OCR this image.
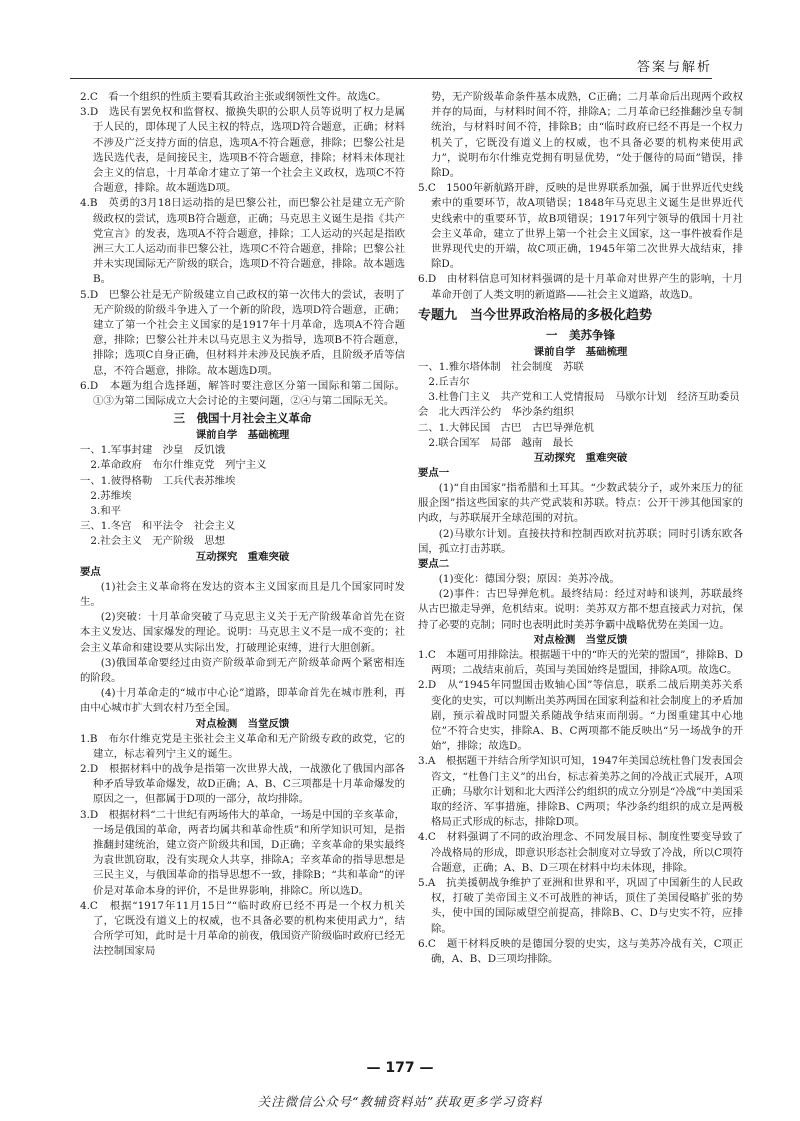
答案与解析

2.C　看一个组织的性质主要看其政治主张或纲领性文件。故选C。

3.D　选民有罢免权和监督权、撤换失职的公职人员等说明了权力是属于人民的，即体现了人民主权的特点，选项D符合题意，正确；材料不涉及广泛支持方面的信息，选项A不符合题意，排除；巴黎公社是选民选代表，是间接民主，选项B不符合题意，排除；材料未体现社会主义的信息，十月革命才建立了第一个社会主义政权，选项C不符合题意，排除。故本题选D项。

4.B　英勇的3月18日运动指的是巴黎公社，而巴黎公社是建立无产阶级政权的尝试，选项B符合题意，正确；马克思主义诞生是指《共产党宣言》的发表，选项A不符合题意，排除；工人运动的兴起是指欧洲三大工人运动而非巴黎公社，选项C不符合题意，排除；巴黎公社并未实现国际无产阶级的联合，选项D不符合题意，排除。故本题选B。

5.D　巴黎公社是无产阶级建立自己政权的第一次伟大的尝试，表明了无产阶级的阶级斗争进入了一个新的阶段，选项D符合题意，正确；建立了第一个社会主义国家的是1917年十月革命，选项A不符合题意，排除；巴黎公社并未以马克思主义为指导，选项B不符合题意，排除；选项C自身正确，但材料并未涉及民族矛盾，且阶级矛盾等信息，不符合题意，排除。故本题选D项。

6.D　本题为组合选择题，解答时要注意区分第一国际和第二国际。①③为第二国际成立大会讨论的主要问题，②④与第二国际无关。

三　俄国十月社会主义革命
课前自学　基础梳理

一、1.军事封建　沙皇　反饥饿

　2.革命政府　布尔什维克党　列宁主义

一、1.彼得格勒　工兵代表苏维埃

　2.苏维埃

　3.和平

三、1.冬宫　和平法令　社会主义

　2.社会主义　无产阶级　思想

互动探究　重难突破

要点

(1)社会主义革命将在发达的资本主义国家而且是几个国家同时发生。

(2)突破：十月革命突破了马克思主义关于无产阶级革命首先在资本主义发达、国家爆发的理论。说明：马克思主义不是一成不变的；社会主义革命和建设要从实际出发，打破理论束缚，进行大胆创新。

(3)俄国革命要经过由资产阶级革命到无产阶级革命两个紧密相连的阶段。

(4)十月革命走的“城市中心论”道路，即革命首先在城市胜利，再由中心城市扩大到农村乃至全国。

对点检测　当堂反馈

1.B　布尔什维克党是主张社会主义革命和无产阶级专政的政党，它的建立，标志着列宁主义的诞生。

2.D　根据材料中的战争是指第一次世界大战，一战激化了俄国内部各种矛盾导致革命爆发，故D正确；A、B、C三项都是十月革命爆发的原因之一，但都属于D项的一部分，故均排除。

3.D　根据材料“二十世纪有两场伟大的革命，一场是中国的辛亥革命，一场是俄国的革命，两者均属共和革命性质”和所学知识可知，是指推翻封建统治，建立资产阶级共和国，D正确；辛亥革命的果实最终为袁世凯窃取，没有实现众人共享，排除A；辛亥革命的指导思想是三民主义，与俄国革命的指导思想不一致，排除B；“共和革命”的评价是对革命本身的评价，不是世界影响，排除C。所以选D。

4.C　根据“1917年11月15日”“临时政府已经不再是一个权力机关了，它既没有道义上的权威，也不具备必要的机构来使用武力”，结合所学可知，此时是十月革命的前夜，俄国资产阶级临时政府已经无法控制国家局

势，无产阶级革命条件基本成熟，C正确；二月革命后出现两个政权并存的局面，与材料时间不符，排除A；二月革命已经推翻沙皇专制统治，与材料时间不符，排除B；由“临时政府已经不再是一个权力机关了，它既没有道义上的权威，也不具备必要的机构来使用武力”，说明布尔什维克党拥有明显优势，“处于偃待的局面”错误，排除D。

5.C　1500年新航路开辟，反映的是世界联系加强，属于世界近代史线索中的重要环节，故A项错误；1848年马克思主义诞生是世界近代史线索中的重要环节，故B项错误；1917年列宁领导的俄国十月社会主义革命，建立了世界上第一个社会主义国家，这一事件被看作是世界现代史的开端，故C项正确，1945年第二次世界大战结束，排除D。

6.D　由材料信息可知材料强调的是十月革命对世界产生的影响，十月革命开创了人类文明的新道路——社会主义道路，故选D。

专题九　当今世界政治格局的多极化趋势
一　美苏争锋
课前自学　基础梳理

一、1.雅尔塔体制　社会制度　苏联

　2.丘吉尔

　3.杜鲁门主义　共产党和工人党情报局　马歇尔计划　经济互助委员会　北大西洋公约　华沙条约组织

二、1.大韩民国　古巴　古巴导弹危机

　2.联合国军　局部　越南　最长

互动探究　重难突破

要点一

(1)“自由国家”指希腊和土耳其。“少数武装分子，或外来压力的征服企图”指这些国家的共产党武装和苏联。特点：公开干涉其他国家的内政，与苏联展开全球范围的对抗。

(2)马歇尔计划。直接扶持和控制西欧对抗苏联；同时引诱东欧各国，孤立打击苏联。

要点二

(1)变化：德国分裂；原因：美苏冷战。

(2)事件：古巴导弹危机。最终结局：经过对峙和谈判，苏联最终从古巴撤走导弹，危机结束。说明：美苏双方都不想直接武力对抗，保持了必要的克制；同时也表明此时美苏争霸中战略优势在美国一边。

对点检测　当堂反馈

1.C　本题可用排除法。根据题干中的“昨天的光荣的盟国”，排除B、D两项；二战结束前后，英国与美国始终是盟国，排除A项。故选C。

2.D　从“1945年同盟国击败轴心国”等信息，联系二战后期美苏关系变化的史实，可以判断出美苏两国在国家利益和社会制度上的矛盾加剧，预示着战时同盟关系随战争结束而削弱。“力图重建其中心地位”不符合史实，排除A、B、C两项都不能反映出“另一场战争的开始”，排除；故选D。

3.A　根据题干并结合所学知识可知，1947年美国总统杜鲁门发表国会咨文，“杜鲁门主义”的出台，标志着美苏之间的冷战正式展开，A项正确；马歇尔计划和北大西洋公约组织的成立分别是“冷战”中美国采取的经济、军事措施，排除B、C两项；华沙条约组织的成立是两极格局正式形成的标志，排除D项。

4.C　材料强调了不同的政治理念、不同发展目标、制度性要变导致了冷战格局的形成，即意识形态社会制度对立导致了冷战，所以C项符合题意，正确；A、B、D三项在材料中均未体现，排除。

5.A　抗美援朝战争维护了亚洲和世界和平，巩固了中国新生的人民政权，打破了美帝国主义不可战胜的神话，顶住了美国侵略扩张的势头，使中国的国际威望空前提高，排除B、C、D与史实不符，应排除。

6.C　题干材料反映的是德国分裂的史实，这与美苏冷战有关，C项正确，A、B、D三项均排除。

— 177 —
关注微信公众号“教辅资料站”获取更多学习资料
